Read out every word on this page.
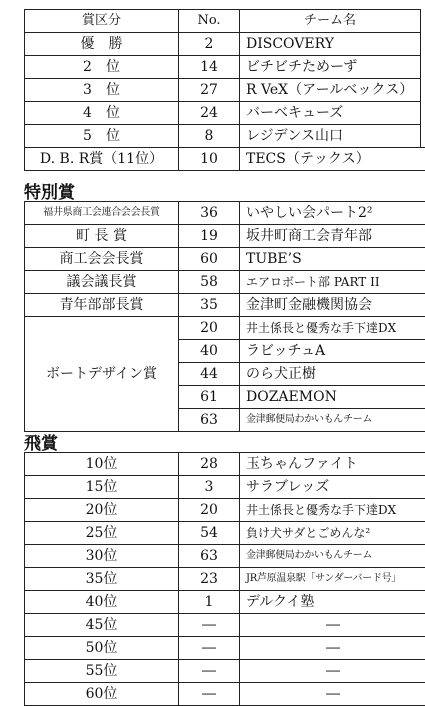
賞区分	No.	チーム名
優　勝	2	DISCOVERY
2　位	14	ビチビチためーず
3　位	27	R VeX（アールベックス）
4　位	24	バーベキューズ
5　位	8	レジデンス山口
D. B. R賞（11位）	10	TECS（テックス）
特別賞
福井県商工会連合会会長賞	36	いやしい会パート2²
町 長 賞	19	坂井町商工会青年部
商工会会長賞	60	TUBE’S
議会議長賞	58	エアロボート部 PART II
青年部部長賞	35	金津町金融機関協会
ボートデザイン賞	20	井土係長と優秀な手下達DX
	40	ラビッチュA
	44	のら犬正樹
	61	DOZAEMON
	63	金津郵便局わかいもんチーム
飛賞
10位	28	玉ちゃんファイト
15位	3	サラブレッズ
20位	20	井土係長と優秀な手下達DX
25位	54	負け犬サダとごめんな²
30位	63	金津郵便局わかいもんチーム
35位	23	JR芦原温泉駅「サンダーバード号」
40位	1	デルクイ塾
45位	―	―
50位	―	―
55位	―	―
60位	―	―
